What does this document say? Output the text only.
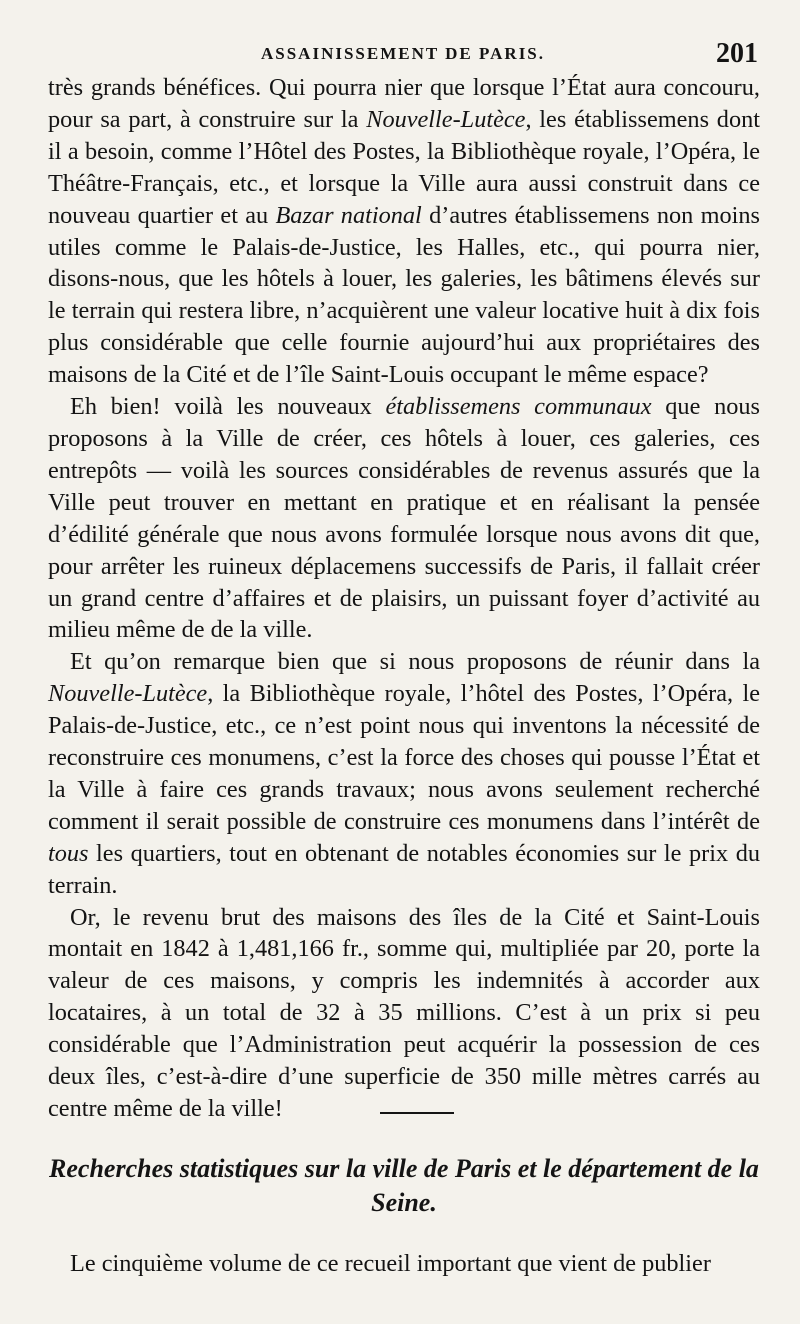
ASSAINISSEMENT DE PARIS.	201

très grands bénéfices. Qui pourra nier que lorsque l’État aura concouru, pour sa part, à construire sur la Nouvelle-Lutèce, les établissemens dont il a besoin, comme l’Hôtel des Postes, la Bibliothèque royale, l’Opéra, le Théâtre-Français, etc., et lorsque la Ville aura aussi construit dans ce nouveau quartier et au Bazar national d’autres établissemens non moins utiles comme le Palais-de-Justice, les Halles, etc., qui pourra nier, disons-nous, que les hôtels à louer, les galeries, les bâtimens élevés sur le terrain qui restera libre, n’acquièrent une valeur locative huit à dix fois plus considérable que celle fournie aujourd’hui aux propriétaires des maisons de la Cité et de l’île Saint-Louis occupant le même espace?

Eh bien! voilà les nouveaux établissemens communaux que nous proposons à la Ville de créer, ces hôtels à louer, ces galeries, ces entrepôts — voilà les sources considérables de revenus assurés que la Ville peut trouver en mettant en pratique et en réalisant la pensée d’édilité générale que nous avons formulée lorsque nous avons dit que, pour arrêter les ruineux déplacemens successifs de Paris, il fallait créer un grand centre d’affaires et de plaisirs, un puissant foyer d’activité au milieu même de de la ville.

Et qu’on remarque bien que si nous proposons de réunir dans la Nouvelle-Lutèce, la Bibliothèque royale, l’hôtel des Postes, l’Opéra, le Palais-de-Justice, etc., ce n’est point nous qui inventons la nécessité de reconstruire ces monumens, c’est la force des choses qui pousse l’État et la Ville à faire ces grands travaux; nous avons seulement recherché comment il serait possible de construire ces monumens dans l’intérêt de tous les quartiers, tout en obtenant de notables économies sur le prix du terrain.

Or, le revenu brut des maisons des îles de la Cité et Saint-Louis montait en 1842 à 1,481,166 fr., somme qui, multipliée par 20, porte la valeur de ces maisons, y compris les indemnités à accorder aux locataires, à un total de 32 à 35 millions. C’est à un prix si peu considérable que l’Administration peut acquérir la possession de ces deux îles, c’est-à-dire d’une superficie de 350 mille mètres carrés au centre même de la ville!

Recherches statistiques sur la ville de Paris et le département de la Seine.
Le cinquième volume de ce recueil important que vient de publier
